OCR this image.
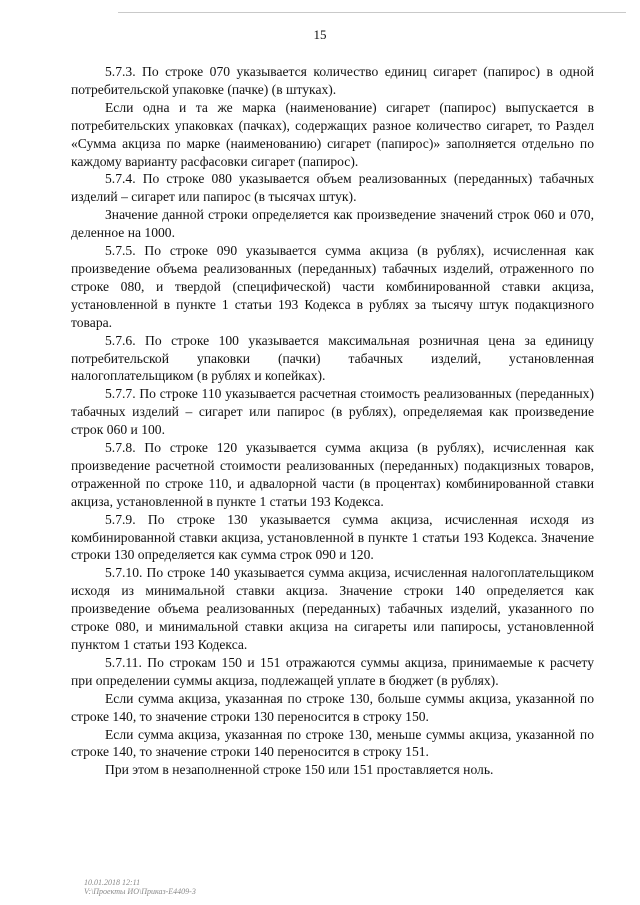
15

5.7.3. По строке 070 указывается количество единиц сигарет (папирос) в одной потребительской упаковке (пачке) (в штуках).

Если одна и та же марка (наименование) сигарет (папирос) выпускается в потребительских упаковках (пачках), содержащих разное количество сигарет, то Раздел «Сумма акциза по марке (наименованию) сигарет (папирос)» заполняется отдельно по каждому варианту расфасовки сигарет (папирос).

5.7.4. По строке 080 указывается объем реализованных (переданных) табачных изделий – сигарет или папирос (в тысячах штук).

Значение данной строки определяется как произведение значений строк 060 и 070, деленное на 1000.

5.7.5. По строке 090 указывается сумма акциза (в рублях), исчисленная как произведение объема реализованных (переданных) табачных изделий, отраженного по строке 080, и твердой (специфической) части комбинированной ставки акциза, установленной в пункте 1 статьи 193 Кодекса в рублях за тысячу штук подакцизного товара.

5.7.6. По строке 100 указывается максимальная розничная цена за единицу потребительской упаковки (пачки) табачных изделий, установленная налогоплательщиком (в рублях и копейках).

5.7.7. По строке 110 указывается расчетная стоимость реализованных (переданных) табачных изделий – сигарет или папирос (в рублях), определяемая как произведение строк 060 и 100.

5.7.8. По строке 120 указывается сумма акциза (в рублях), исчисленная как произведение расчетной стоимости реализованных (переданных) подакцизных товаров, отраженной по строке 110, и адвалорной части (в процентах) комбинированной ставки акциза, установленной в пункте 1 статьи 193 Кодекса.

5.7.9. По строке 130 указывается сумма акциза, исчисленная исходя из комбинированной ставки акциза, установленной в пункте 1 статьи 193 Кодекса. Значение строки 130 определяется как сумма строк 090 и 120.

5.7.10. По строке 140 указывается сумма акциза, исчисленная налогоплательщиком исходя из минимальной ставки акциза. Значение строки 140 определяется как произведение объема реализованных (переданных) табачных изделий, указанного по строке 080, и минимальной ставки акциза на сигареты или папиросы, установленной пунктом 1 статьи 193 Кодекса.

5.7.11. По строкам 150 и 151 отражаются суммы акциза, принимаемые к расчету при определении суммы акциза, подлежащей уплате в бюджет (в рублях).

Если сумма акциза, указанная по строке 130, больше суммы акциза, указанной по строке 140, то значение строки 130 переносится в строку 150.

Если сумма акциза, указанная по строке 130, меньше суммы акциза, указанной по строке 140, то значение строки 140 переносится в строку 151.

При этом в незаполненной строке 150 или 151 проставляется ноль.

10.01.2018 12:11
V:\Проекты ИО\Приказ-E4409-3
